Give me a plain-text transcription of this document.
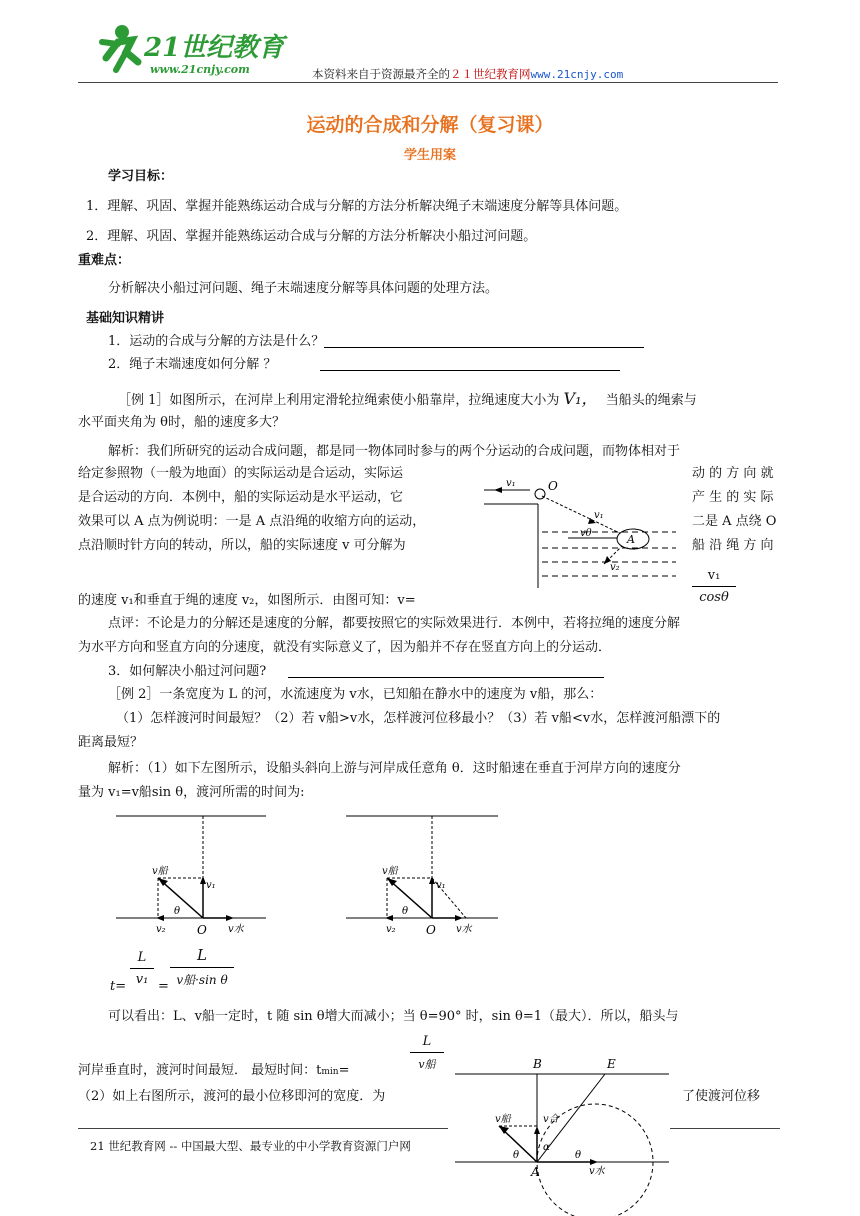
21世纪教育
www.21cnjy.com	本资料来自于资源最齐全的２１世纪教育网www.21cnjy.com
运动的合成和分解（复习课）
学生用案
学习目标：
1．理解、巩固、掌握并能熟练运动合成与分解的方法分析解决绳子末端速度分解等具体问题。
2．理解、巩固、掌握并能熟练运动合成与分解的方法分析解决小船过河问题。
重难点：
分析解决小船过河问题、绳子末端速度分解等具体问题的处理方法。
基础知识精讲
1．运动的合成与分解的方法是什么？
2．绳子末端速度如何分解 ？
［例 1］如图所示，在河岸上利用定滑轮拉绳索使小船靠岸，拉绳速度大小为 V₁， 当船头的绳索与
水平面夹角为 θ时，船的速度多大？
解析：我们所研究的运动合成问题，都是同一物体同时参与的两个分运动的合成问题，而物体相对于
给定参照物（一般为地面）的实际运动是合运动，实际运	动 的 方 向 就
是合运动的方向．本例中，船的实际运动是水平运动，它	产 生 的 实 际
效果可以 A 点为例说明：一是 A 点沿绳的收缩方向的运动，	二是 A 点绕 O
点沿顺时针方向的转动，所以，船的实际速度 v 可分解为	船 沿 绳 方 向
的速度 v₁和垂直于绳的速度 v₂，如图所示．由图可知：v=
v₁
cosθ
v₁	O
v₁
vθ
v₂
A
点评：不论是力的分解还是速度的分解，都要按照它的实际效果进行．本例中，若将拉绳的速度分解
为水平方向和竖直方向的分速度，就没有实际意义了，因为船并不存在竖直方向上的分运动．
3．如何解决小船过河问题?
［例 2］一条宽度为 L 的河，水流速度为 v水，已知船在静水中的速度为 v船，那么：
（1）怎样渡河时间最短？（2）若 v船>v水，怎样渡河位移最小？（3）若 v船<v水，怎样渡河船漂下的
距离最短？
解析：（1）如下左图所示，设船头斜向上游与河岸成任意角 θ．这时船速在垂直于河岸方向的速度分
量为 v₁=v船sin θ，渡河所需的时间为:
v船
v₁
θ
v₂	O v水
v船
v₁
θ
v₂	O v水
t=
L
v₁ =
L
v船·sin θ
可以看出：L、v船一定时，t 随 sin θ增大而减小；当 θ=90° 时，sin θ=1（最大）．所以，船头与
河岸垂直时，渡河时间最短． 最短时间：tmin=
L
v船
（2）如上右图所示，渡河的最小位移即河的宽度．为	了使渡河位移
B	E
v船	v合
θ
α
θ
A	v水
21 世纪教育网 -- 中国最大型、最专业的中小学教育资源门户网
